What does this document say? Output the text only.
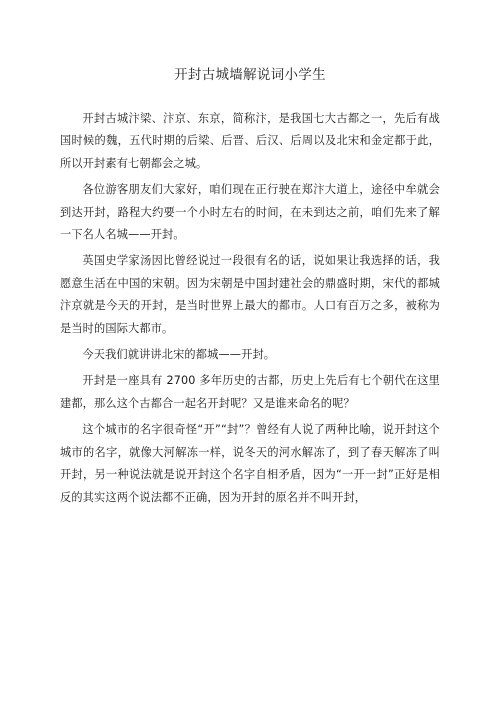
开封古城墙解说词小学生

开封古城汴梁、汴京、东京，简称汴，是我国七大古都之一，先后有战国时候的魏，五代时期的后梁、后晋、后汉、后周以及北宋和金定都于此，所以开封素有七朝都会之城。

各位游客朋友们大家好，咱们现在正行驶在郑汴大道上，途径中牟就会到达开封，路程大约要一个小时左右的时间，在未到达之前，咱们先来了解一下名人名城——开封。

英国史学家汤因比曾经说过一段很有名的话，说如果让我选择的话，我愿意生活在中国的宋朝。因为宋朝是中国封建社会的鼎盛时期，宋代的都城汴京就是今天的开封，是当时世界上最大的都市。人口有百万之多，被称为是当时的国际大都市。

今天我们就讲讲北宋的都城——开封。

开封是一座具有 2700 多年历史的古都，历史上先后有七个朝代在这里建都，那么这个古都合一起名开封呢？又是谁来命名的呢？

这个城市的名字很奇怪“开”“封”？曾经有人说了两种比喻，说开封这个城市的名字，就像大河解冻一样，说冬天的河水解冻了，到了春天解冻了叫开封，另一种说法就是说开封这个名字自相矛盾，因为“一开一封”正好是相反的其实这两个说法都不正确，因为开封的原名并不叫开封，
